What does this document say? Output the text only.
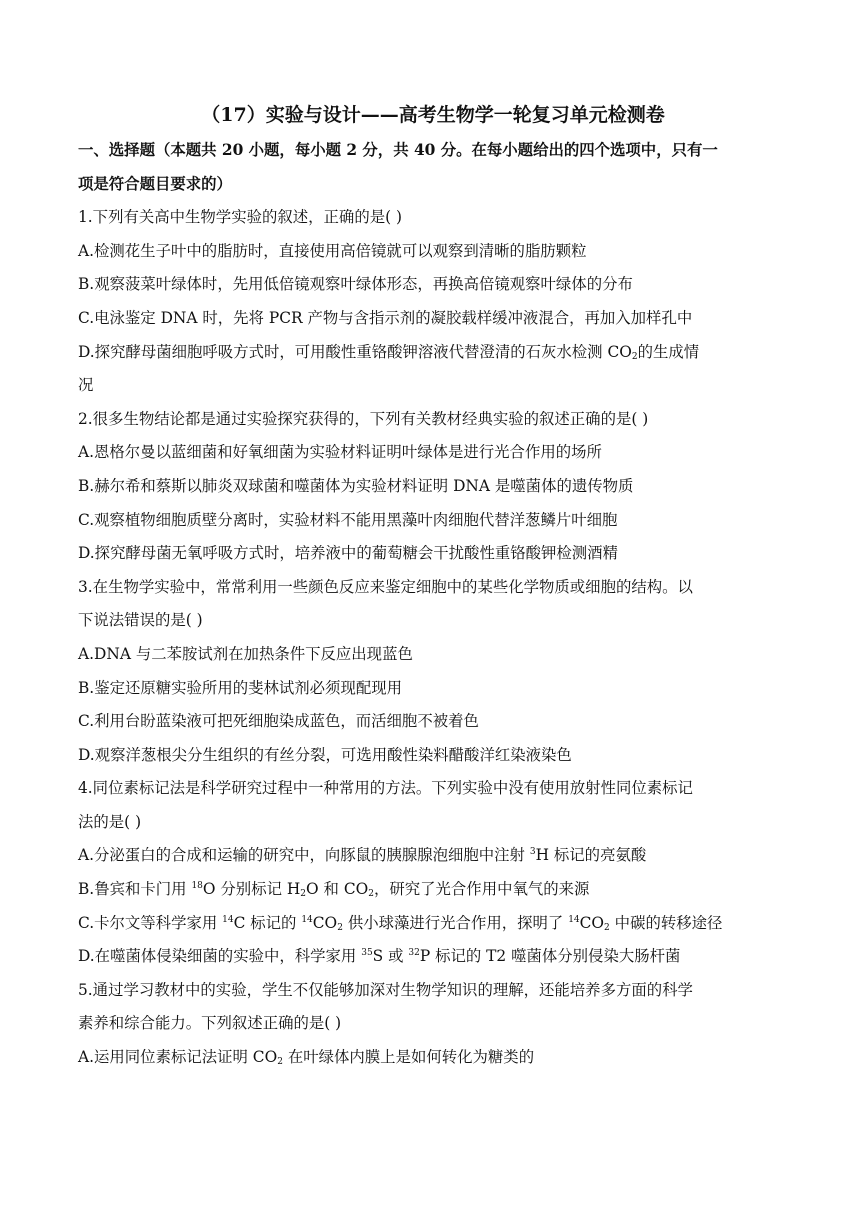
（17）实验与设计——高考生物学一轮复习单元检测卷

一、选择题（本题共 20 小题，每小题 2 分，共 40 分。在每小题给出的四个选项中，只有一

项是符合题目要求的）

1.下列有关高中生物学实验的叙述，正确的是( )

A.检测花生子叶中的脂肪时，直接使用高倍镜就可以观察到清晰的脂肪颗粒

B.观察菠菜叶绿体时，先用低倍镜观察叶绿体形态，再换高倍镜观察叶绿体的分布

C.电泳鉴定 DNA 时，先将 PCR 产物与含指示剂的凝胶载样缓冲液混合，再加入加样孔中

D.探究酵母菌细胞呼吸方式时，可用酸性重铬酸钾溶液代替澄清的石灰水检测 $CO_2$的生成情

况

2.很多生物结论都是通过实验探究获得的，下列有关教材经典实验的叙述正确的是( )

A.恩格尔曼以蓝细菌和好氧细菌为实验材料证明叶绿体是进行光合作用的场所

B.赫尔希和蔡斯以肺炎双球菌和噬菌体为实验材料证明 DNA 是噬菌体的遗传物质

C.观察植物细胞质壁分离时，实验材料不能用黑藻叶肉细胞代替洋葱鳞片叶细胞

D.探究酵母菌无氧呼吸方式时，培养液中的葡萄糖会干扰酸性重铬酸钾检测酒精

3.在生物学实验中，常常利用一些颜色反应来鉴定细胞中的某些化学物质或细胞的结构。以

下说法错误的是( )

A.DNA 与二苯胺试剂在加热条件下反应出现蓝色

B.鉴定还原糖实验所用的斐林试剂必须现配现用

C.利用台盼蓝染液可把死细胞染成蓝色，而活细胞不被着色

D.观察洋葱根尖分生组织的有丝分裂，可选用酸性染料醋酸洋红染液染色

4.同位素标记法是科学研究过程中一种常用的方法。下列实验中没有使用放射性同位素标记

法的是( )

A.分泌蛋白的合成和运输的研究中，向豚鼠的胰腺腺泡细胞中注射 $^3$H 标记的亮氨酸

B.鲁宾和卡门用 $^{18}$O 分别标记 $H_2O$ 和 $CO_2$，研究了光合作用中氧气的来源

C.卡尔文等科学家用 $^{14}$C 标记的 $^{14}CO_2$ 供小球藻进行光合作用，探明了 $^{14}CO_2$ 中碳的转移途径

D.在噬菌体侵染细菌的实验中，科学家用 $^{35}$S 或 $^{32}$P 标记的 T2 噬菌体分别侵染大肠杆菌

5.通过学习教材中的实验，学生不仅能够加深对生物学知识的理解，还能培养多方面的科学

素养和综合能力。下列叙述正确的是( )

A.运用同位素标记法证明 $CO_2$ 在叶绿体内膜上是如何转化为糖类的
